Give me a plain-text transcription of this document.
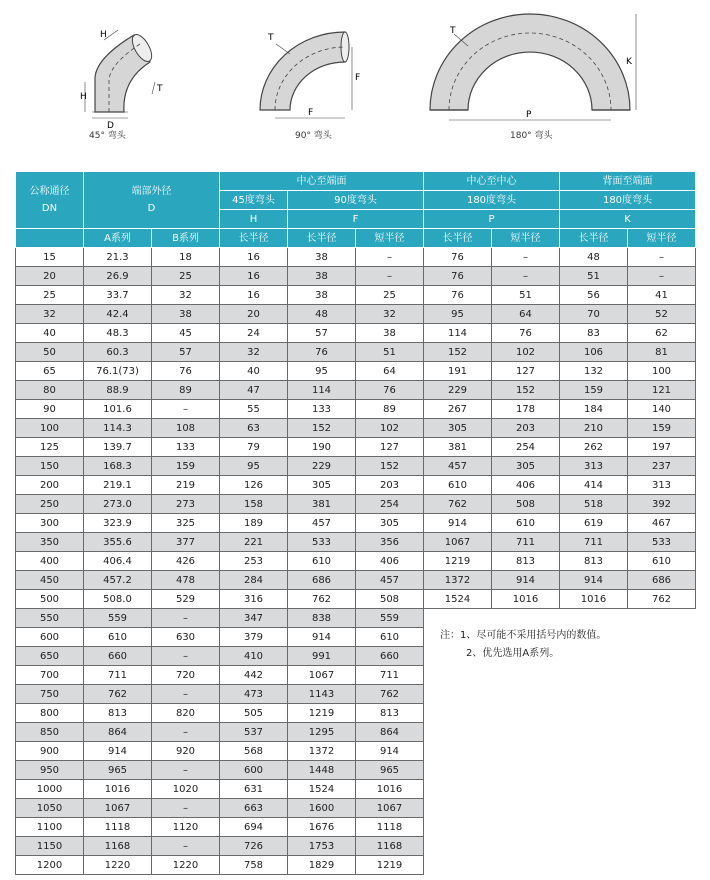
H
H
T
D
T
F
F
T
K
P
45° 弯头	90° 弯头	180° 弯头
公称通径
DN	端部外径
D		中心至端面			中心至中心		背面至端面	
			45度弯头	90度弯头		180度弯头		180度弯头	
			H	F		P		K	
	A系列	B系列	长半径	长半径	短半径	长半径	短半径	长半径	短半径
15	21.3	18	16	38	–	76	–	48	–
20	26.9	25	16	38	–	76	–	51	–
25	33.7	32	16	38	25	76	51	56	41
32	42.4	38	20	48	32	95	64	70	52
40	48.3	45	24	57	38	114	76	83	62
50	60.3	57	32	76	51	152	102	106	81
65	76.1(73)	76	40	95	64	191	127	132	100
80	88.9	89	47	114	76	229	152	159	121
90	101.6	–	55	133	89	267	178	184	140
100	114.3	108	63	152	102	305	203	210	159
125	139.7	133	79	190	127	381	254	262	197
150	168.3	159	95	229	152	457	305	313	237
200	219.1	219	126	305	203	610	406	414	313
250	273.0	273	158	381	254	762	508	518	392
300	323.9	325	189	457	305	914	610	619	467
350	355.6	377	221	533	356	1067	711	711	533
400	406.4	426	253	610	406	1219	813	813	610
450	457.2	478	284	686	457	1372	914	914	686
500	508.0	529	316	762	508	1524	1016	1016	762
550	559	–	347	838	559				
600	610	630	379	914	610				
650	660	–	410	991	660				
700	711	720	442	1067	711				
750	762	–	473	1143	762				
800	813	820	505	1219	813				
850	864	–	537	1295	864				
900	914	920	568	1372	914				
950	965	–	600	1448	965				
1000	1016	1020	631	1524	1016				
1050	1067	–	663	1600	1067				
1100	1118	1120	694	1676	1118				
1150	1168	–	726	1753	1168				
1200	1220	1220	758	1829	1219				
注：1、尽可能不采用括号内的数值。
2、优先选用A系列。
